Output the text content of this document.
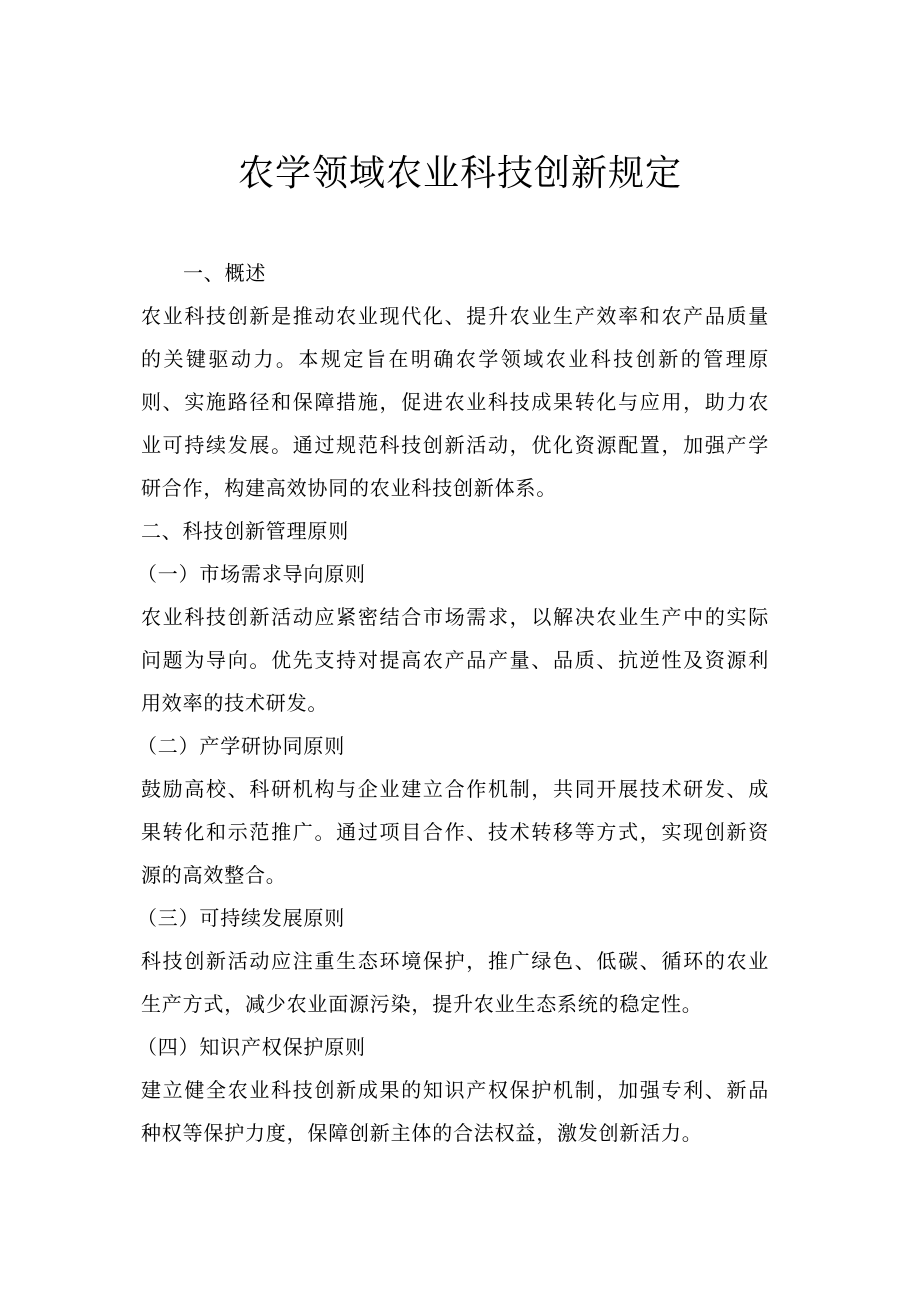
农学领域农业科技创新规定
一、概述
农业科技创新是推动农业现代化、提升农业生产效率和农产品质量
的关键驱动力。本规定旨在明确农学领域农业科技创新的管理原
则、实施路径和保障措施，促进农业科技成果转化与应用，助力农
业可持续发展。通过规范科技创新活动，优化资源配置，加强产学
研合作，构建高效协同的农业科技创新体系。
二、科技创新管理原则
（一）市场需求导向原则
农业科技创新活动应紧密结合市场需求，以解决农业生产中的实际
问题为导向。优先支持对提高农产品产量、品质、抗逆性及资源利
用效率的技术研发。
（二）产学研协同原则
鼓励高校、科研机构与企业建立合作机制，共同开展技术研发、成
果转化和示范推广。通过项目合作、技术转移等方式，实现创新资
源的高效整合。
（三）可持续发展原则
科技创新活动应注重生态环境保护，推广绿色、低碳、循环的农业
生产方式，减少农业面源污染，提升农业生态系统的稳定性。
（四）知识产权保护原则
建立健全农业科技创新成果的知识产权保护机制，加强专利、新品
种权等保护力度，保障创新主体的合法权益，激发创新活力。
